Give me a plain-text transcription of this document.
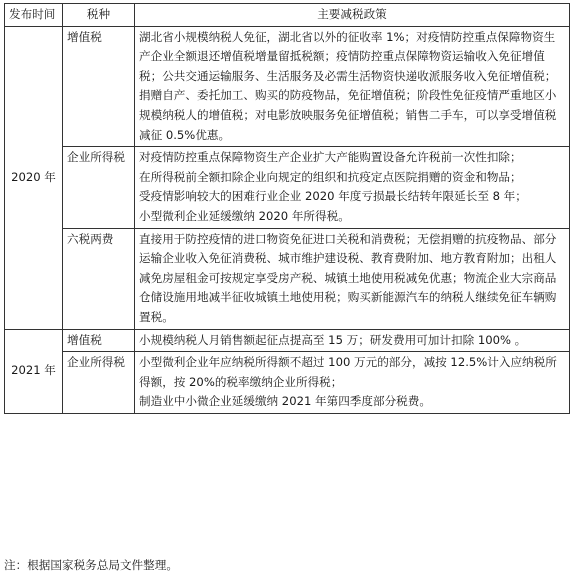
发布时间	税种	主要减税政策
2020 年	增值税	湖北省小规模纳税人免征，湖北省以外的征收率 1%；对疫情防控重点保障物资生产企业全额退还增值税增量留抵税额；疫情防控重点保障物资运输收入免征增值税；公共交通运输服务、生活服务及必需生活物资快递收派服务收入免征增值税；捐赠自产、委托加工、购买的防疫物品，免征增值税；阶段性免征疫情严重地区小规模纳税人的增值税；对电影放映服务免征增值税；销售二手车，可以享受增值税减征 0.5%优惠。

	企业所得税	对疫情防控重点保障物资生产企业扩大产能购置设备允许税前一次性扣除；
在所得税前全额扣除企业向规定的组织和抗疫定点医院捐赠的资金和物品；
受疫情影响较大的困难行业企业 2020 年度亏损最长结转年限延长至 8 年；
小型微利企业延缓缴纳 2020 年所得税。

	六税两费	直接用于防控疫情的进口物资免征进口关税和消费税；无偿捐赠的抗疫物品、部分运输企业收入免征消费税、城市维护建设税、教育费附加、地方教育附加；出租人减免房屋租金可按规定享受房产税、城镇土地使用税减免优惠；物流企业大宗商品仓储设施用地减半征收城镇土地使用税；购买新能源汽车的纳税人继续免征车辆购置税。

2021 年	增值税	小规模纳税人月销售额起征点提高至 15 万；研发费用可加计扣除 100% 。

	企业所得税	小型微利企业年应纳税所得额不超过 100 万元的部分，减按 12.5%计入应纳税所得额，按 20%的税率缴纳企业所得税；
制造业中小微企业延缓缴纳 2021 年第四季度部分税费。
注：根据国家税务总局文件整理。
